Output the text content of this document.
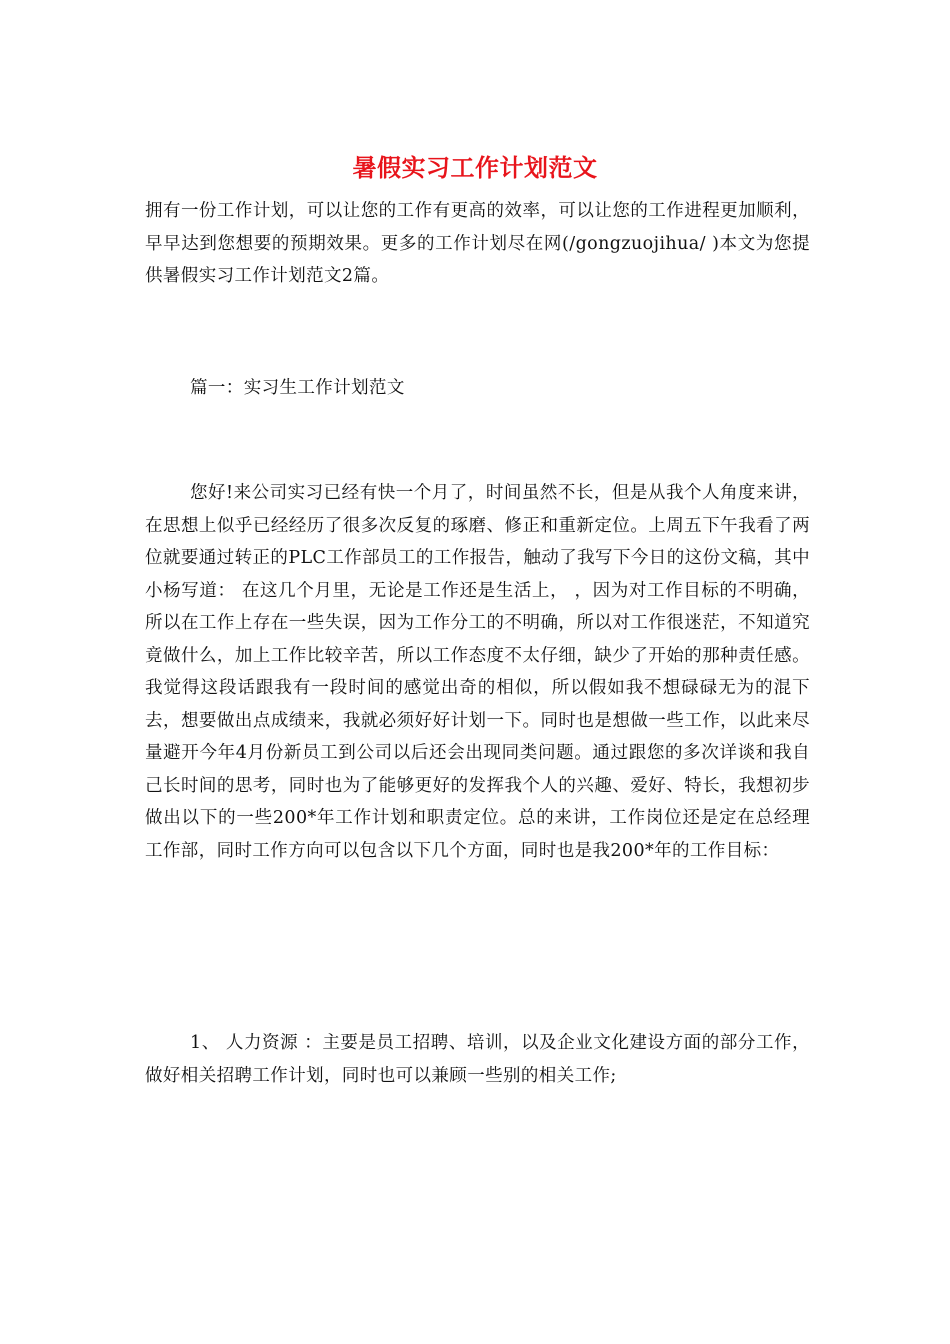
暑假实习工作计划范文

拥有一份工作计划，可以让您的工作有更高的效率，可以让您的工作进程更加顺利，早早达到您想要的预期效果。更多的工作计划尽在网(/gongzuojihua/ )本文为您提供暑假实习工作计划范文2篇。

篇一：实习生工作计划范文

您好!来公司实习已经有快一个月了，时间虽然不长，但是从我个人角度来讲，在思想上似乎已经经历了很多次反复的琢磨、修正和重新定位。上周五下午我看了两位就要通过转正的PLC工作部员工的工作报告，触动了我写下今日的这份文稿，其中小杨写道： 在这几个月里，无论是工作还是生活上， ，因为对工作目标的不明确，所以在工作上存在一些失误，因为工作分工的不明确，所以对工作很迷茫，不知道究竟做什么，加上工作比较辛苦，所以工作态度不太仔细，缺少了开始的那种责任感。 我觉得这段话跟我有一段时间的感觉出奇的相似，所以假如我不想碌碌无为的混下去，想要做出点成绩来，我就必须好好计划一下。同时也是想做一些工作，以此来尽量避开今年4月份新员工到公司以后还会出现同类问题。通过跟您的多次详谈和我自己长时间的思考，同时也为了能够更好的发挥我个人的兴趣、爱好、特长，我想初步做出以下的一些200*年工作计划和职责定位。总的来讲，工作岗位还是定在总经理工作部，同时工作方向可以包含以下几个方面，同时也是我200*年的工作目标：

1、 人力资源 ：主要是员工招聘、培训，以及企业文化建设方面的部分工作，做好相关招聘工作计划，同时也可以兼顾一些别的相关工作;
